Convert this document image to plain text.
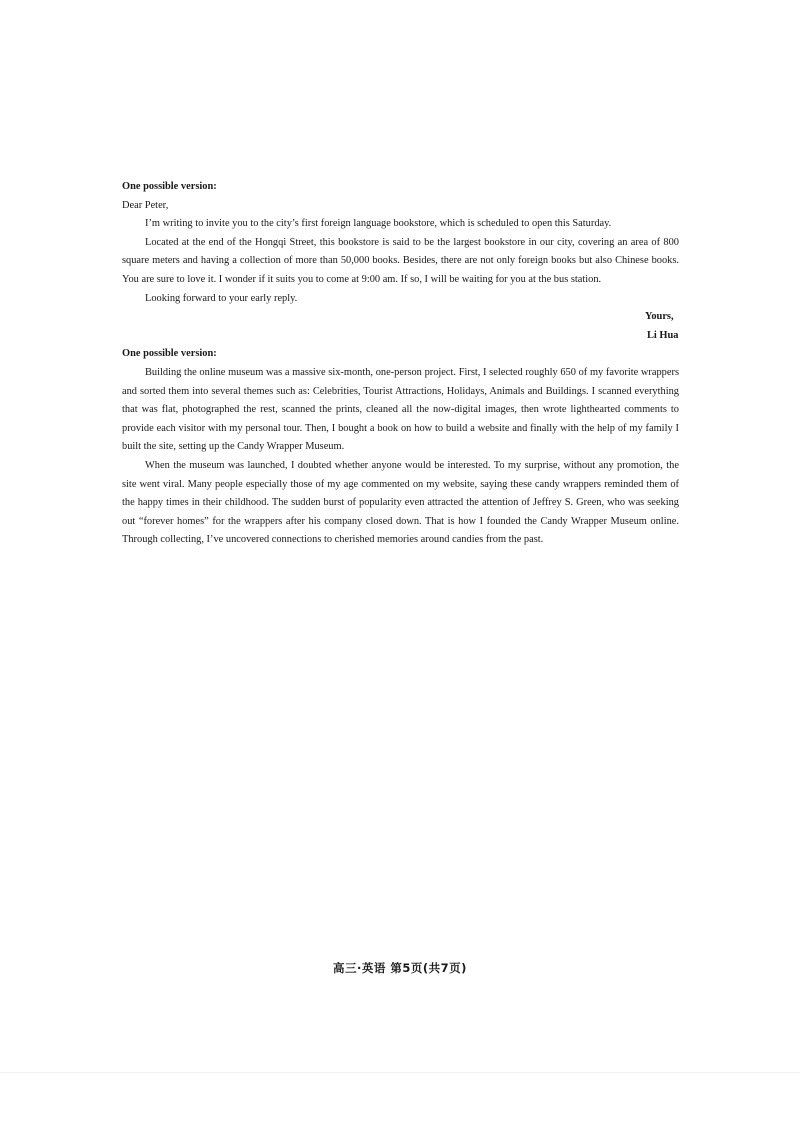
One possible version:

Dear Peter,

I’m writing to invite you to the city’s first foreign language bookstore, which is scheduled to open this Saturday.

Located at the end of the Hongqi Street, this bookstore is said to be the largest bookstore in our city, covering an area of 800 square meters and having a collection of more than 50,000 books. Besides, there are not only foreign books but also Chinese books. You are sure to love it. I wonder if it suits you to come at 9:00 am. If so, I will be waiting for you at the bus station.

Looking forward to your early reply.

Yours,

Li Hua

One possible version:

Building the online museum was a massive six-month, one-person project. First, I selected roughly 650 of my favorite wrappers and sorted them into several themes such as: Celebrities, Tourist Attractions, Holidays, Animals and Buildings. I scanned everything that was flat, photographed the rest, scanned the prints, cleaned all the now-digital images, then wrote lighthearted comments to provide each visitor with my personal tour. Then, I bought a book on how to build a website and finally with the help of my family I built the site, setting up the Candy Wrapper Museum.

When the museum was launched, I doubted whether anyone would be interested. To my surprise, without any promotion, the site went viral. Many people especially those of my age commented on my website, saying these candy wrappers reminded them of the happy times in their childhood. The sudden burst of popularity even attracted the attention of Jeffrey S. Green, who was seeking out “forever homes” for the wrappers after his company closed down. That is how I founded the Candy Wrapper Museum online. Through collecting, I’ve uncovered connections to cherished memories around candies from the past.

高三·英语 第5页(共7页)
